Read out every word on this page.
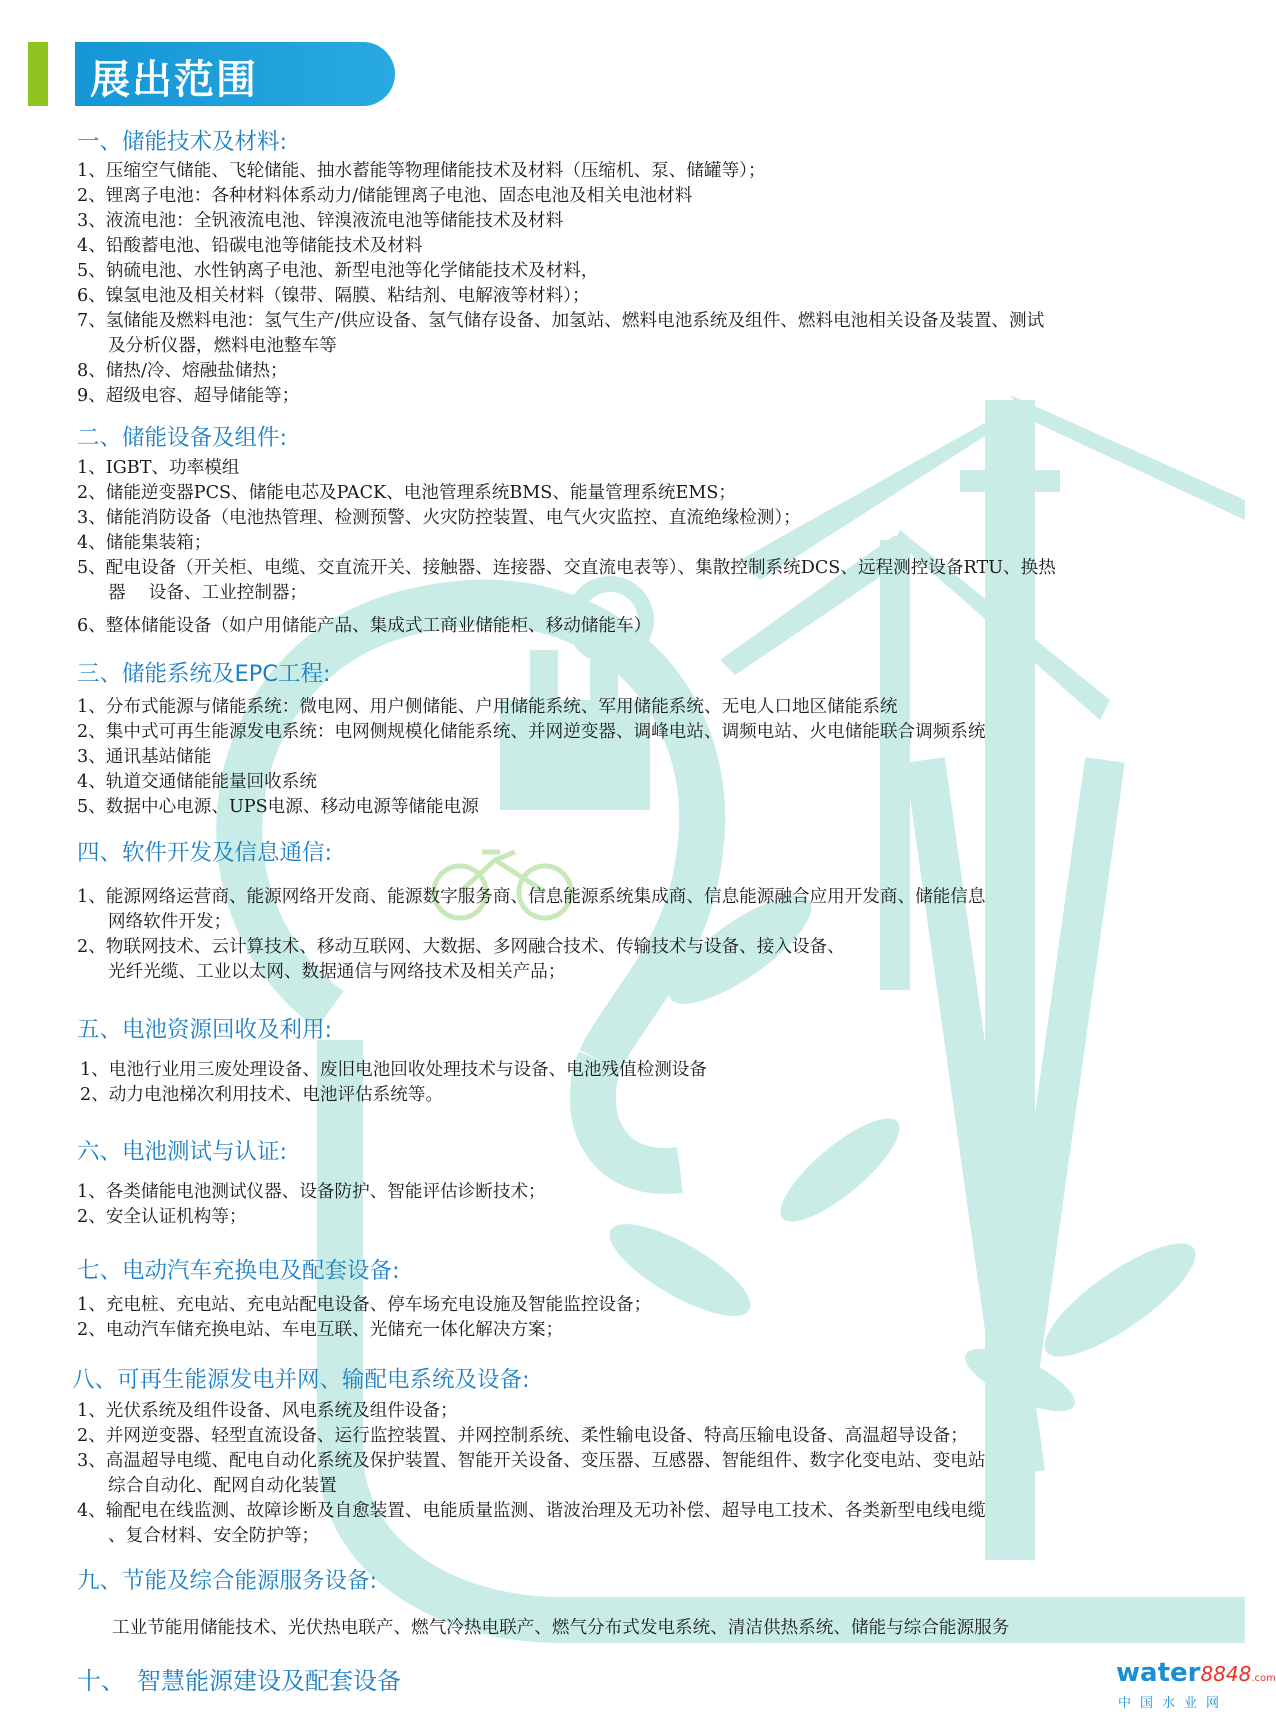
展出范围
一、储能技术及材料:
1、压缩空气储能、飞轮储能、抽水蓄能等物理储能技术及材料（压缩机、泵、储罐等）；
2、锂离子电池：各种材料体系动力/储能锂离子电池、固态电池及相关电池材料
3、液流电池：全钒液流电池、锌溴液流电池等储能技术及材料
4、铅酸蓄电池、铅碳电池等储能技术及材料
5、钠硫电池、水性钠离子电池、新型电池等化学储能技术及材料，
6、镍氢电池及相关材料（镍带、隔膜、粘结剂、电解液等材料）；
7、氢储能及燃料电池：氢气生产/供应设备、氢气储存设备、加氢站、燃料电池系统及组件、燃料电池相关设备及装置、测试
及分析仪器，燃料电池整车等
8、储热/冷、熔融盐储热；
9、超级电容、超导储能等；
二、储能设备及组件:
1、IGBT、功率模组
2、储能逆变器PCS、储能电芯及PACK、电池管理系统BMS、能量管理系统EMS；
3、储能消防设备（电池热管理、检测预警、火灾防控装置、电气火灾监控、直流绝缘检测）；
4、储能集装箱；
5、配电设备（开关柜、电缆、交直流开关、接触器、连接器、交直流电表等）、集散控制系统DCS、远程测控设备RTU、换热
器　 设备、工业控制器；
6、整体储能设备（如户用储能产品、集成式工商业储能柜、移动储能车）
三、储能系统及EPC工程:
1、分布式能源与储能系统：微电网、用户侧储能、户用储能系统、军用储能系统、无电人口地区储能系统
2、集中式可再生能源发电系统：电网侧规模化储能系统、并网逆变器、调峰电站、调频电站、火电储能联合调频系统
3、通讯基站储能
4、轨道交通储能能量回收系统
5、数据中心电源、UPS电源、移动电源等储能电源
四、软件开发及信息通信:
1、能源网络运营商、能源网络开发商、能源数字服务商、信息能源系统集成商、信息能源融合应用开发商、储能信息
网络软件开发；
2、物联网技术、云计算技术、移动互联网、大数据、多网融合技术、传输技术与设备、接入设备、
光纤光缆、工业以太网、数据通信与网络技术及相关产品；
五、电池资源回收及利用:
1、电池行业用三废处理设备、废旧电池回收处理技术与设备、电池残值检测设备
2、动力电池梯次利用技术、电池评估系统等。
六、电池测试与认证:
1、各类储能电池测试仪器、设备防护、智能评估诊断技术；
2、安全认证机构等；
七、电动汽车充换电及配套设备:
1、充电桩、充电站、充电站配电设备、停车场充电设施及智能监控设备；
2、电动汽车储充换电站、车电互联、光储充一体化解决方案；
八、可再生能源发电并网、输配电系统及设备:
1、光伏系统及组件设备、风电系统及组件设备；
2、并网逆变器、轻型直流设备、运行监控装置、并网控制系统、柔性输电设备、特高压输电设备、高温超导设备；
3、高温超导电缆、配电自动化系统及保护装置、智能开关设备、变压器、互感器、智能组件、数字化变电站、变电站
综合自动化、配网自动化装置
4、输配电在线监测、故障诊断及自愈装置、电能质量监测、谐波治理及无功补偿、超导电工技术、各类新型电线电缆
、复合材料、安全防护等；
九、节能及综合能源服务设备:
工业节能用储能技术、光伏热电联产、燃气冷热电联产、燃气分布式发电系统、清洁供热系统、储能与综合能源服务
十、　智慧能源建设及配套设备	water8848.com
中国水业网
